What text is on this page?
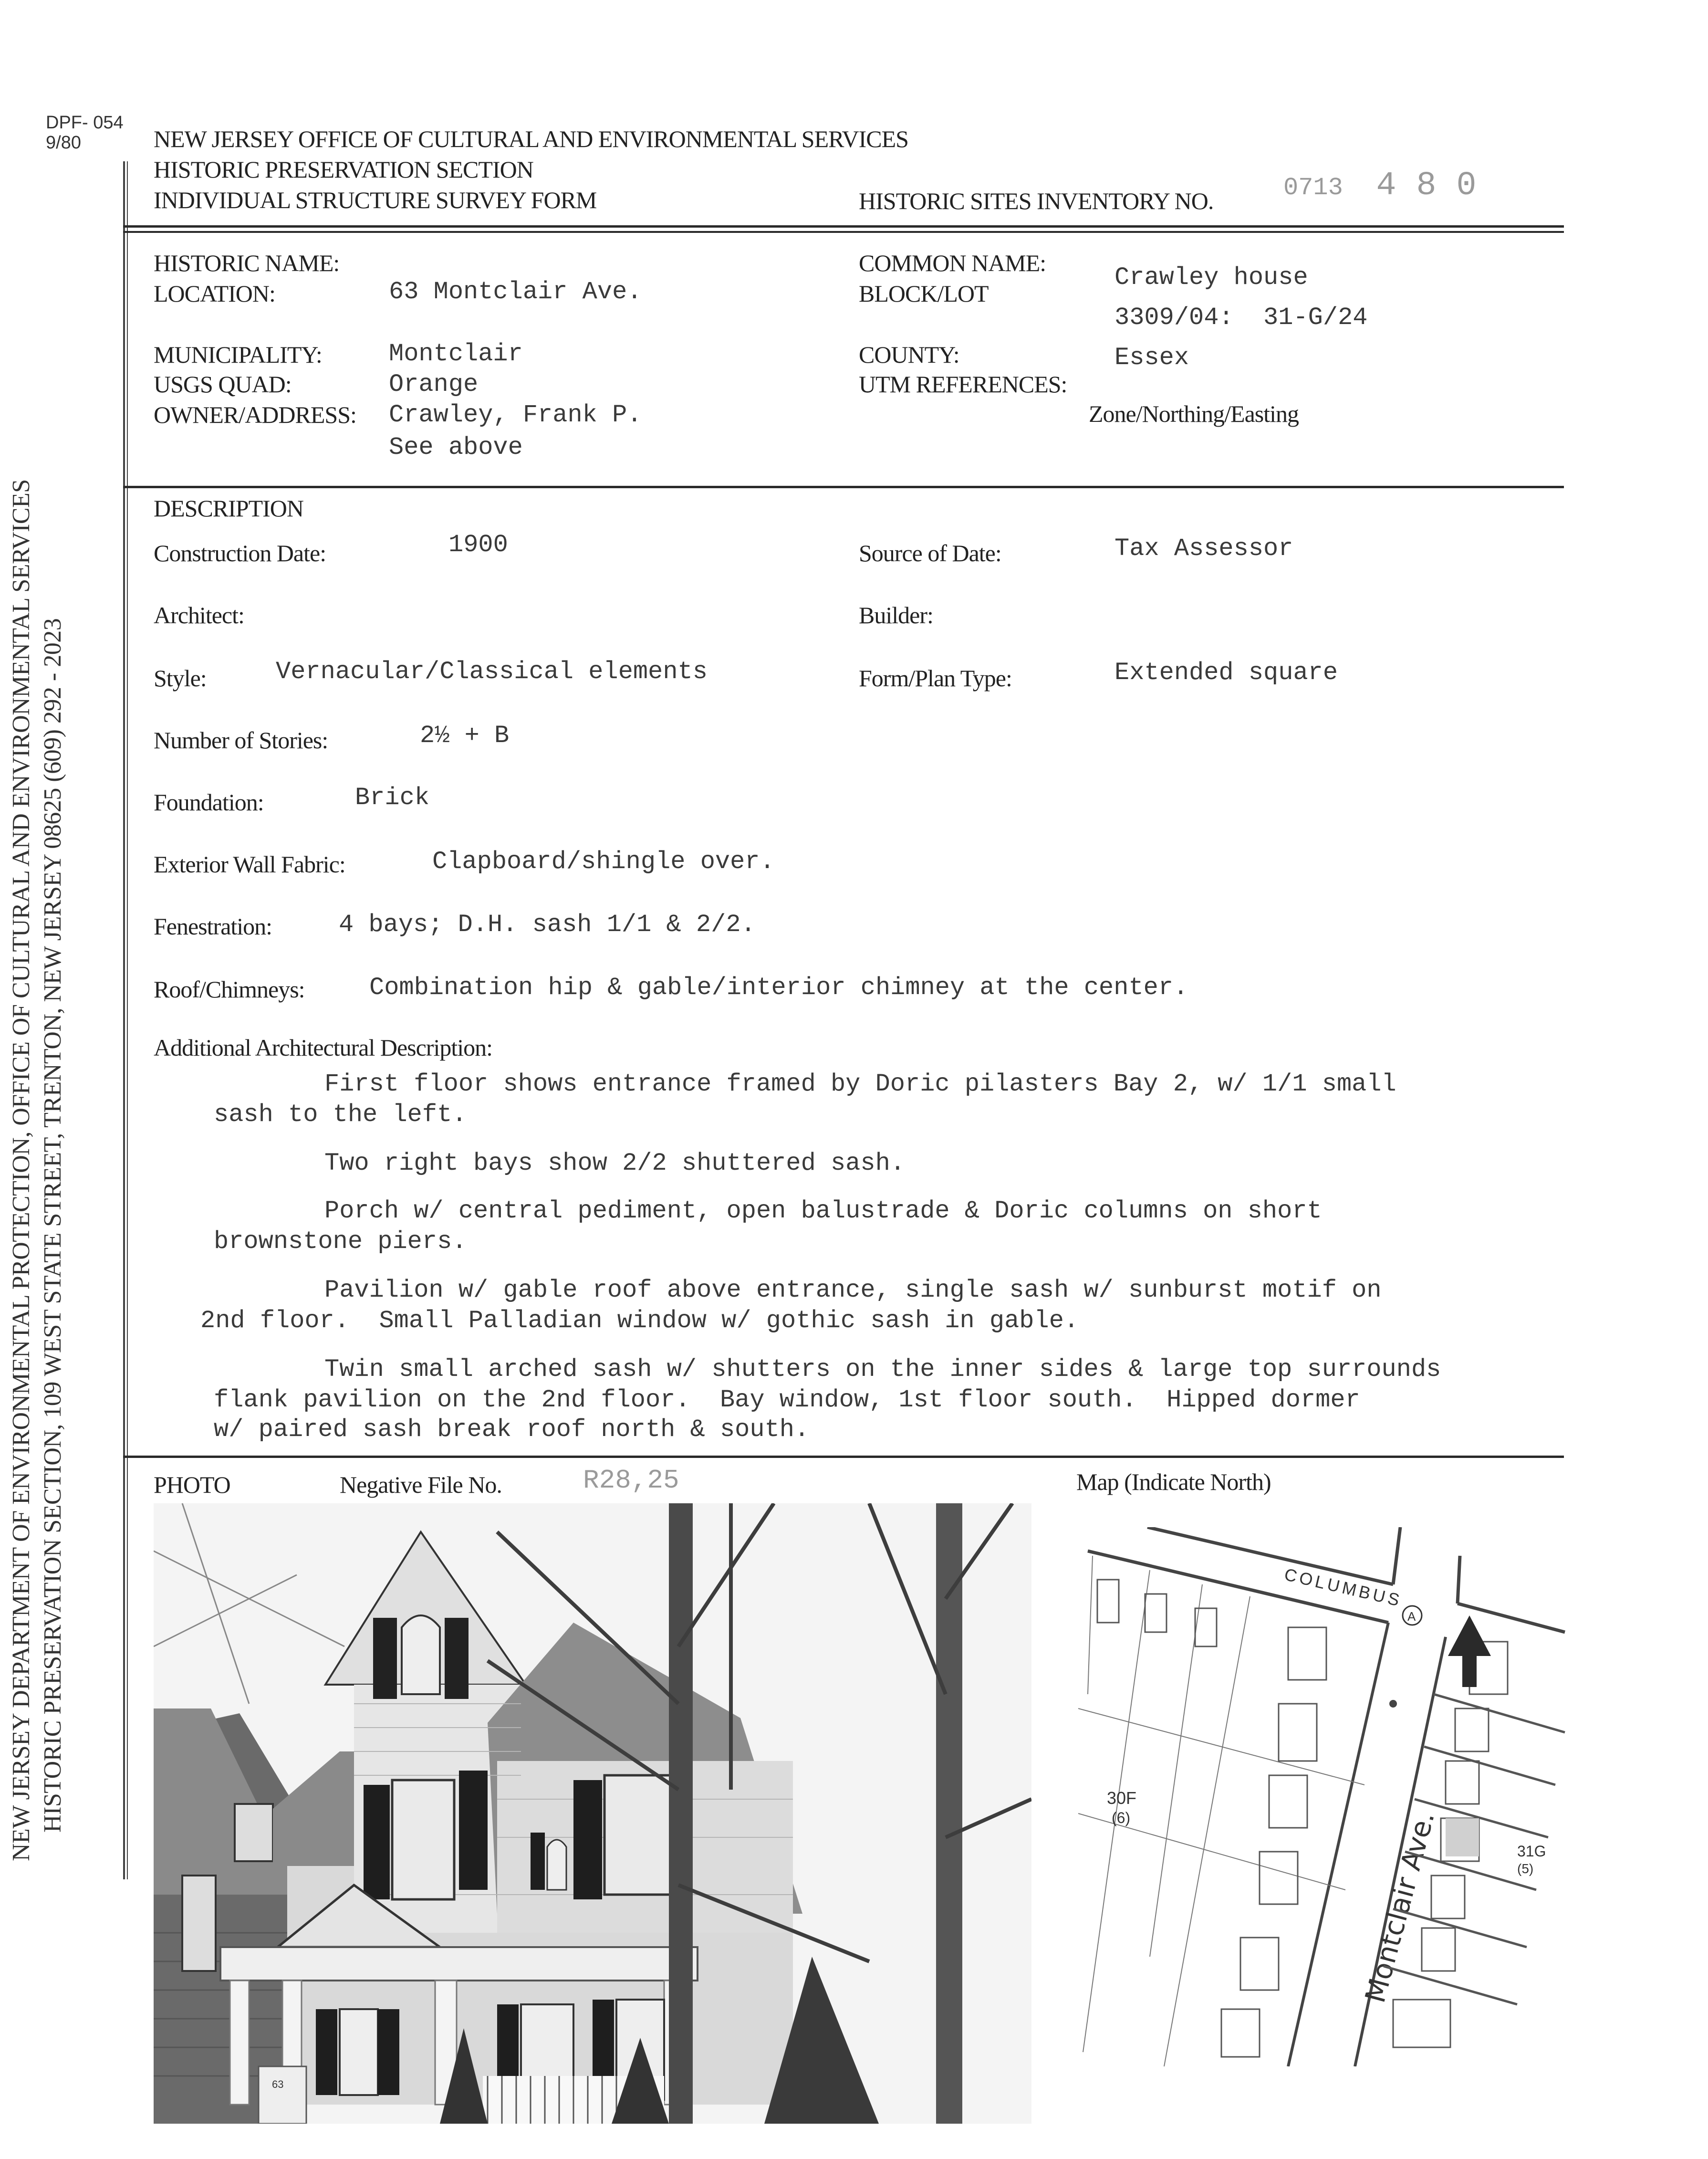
DPF- 054
9/80	NEW JERSEY OFFICE OF CULTURAL AND ENVIRONMENTAL SERVICES
HISTORIC PRESERVATION SECTION
INDIVIDUAL STRUCTURE SURVEY FORM	HISTORIC SITES INVENTORY NO.	0713 4 8 0
HISTORIC NAME:
LOCATION:	63 Montclair Ave.
MUNICIPALITY:	Montclair
USGS QUAD:	Orange
OWNER/ADDRESS: Crawley, Frank P.
See above
COMMON NAME:
Crawley house
BLOCK/LOT
3309/04:  31-G/24
COUNTY:	Essex
UTM REFERENCES:
Zone/Northing/Easting
DESCRIPTION
Construction Date:	1900	Source of Date:	Tax Assessor
Architect:	Builder:
Style:	Vernacular/Classical elements	Form/Plan Type:	Extended square
Number of Stories:	2½ + B
Foundation:	Brick
Exterior Wall Fabric:	Clapboard/shingle over.
Fenestration:	4 bays; D.H. sash 1/1 & 2/2.
Roof/Chimneys:	Combination hip & gable/interior chimney at the center.
Additional Architectural Description:
First floor shows entrance framed by Doric pilasters Bay 2, w/ 1/1 small
sash to the left.
Two right bays show 2/2 shuttered sash.
Porch w/ central pediment, open balustrade & Doric columns on short
brownstone piers.
Pavilion w/ gable roof above entrance, single sash w/ sunburst motif on
2nd floor.  Small Palladian window w/ gothic sash in gable.
Twin small arched sash w/ shutters on the inner sides & large top surrounds
flank pavilion on the 2nd floor.  Bay window, 1st floor south.  Hipped dormer
w/ paired sash break roof north & south.
PHOTO	Negative File No.	R28,25	Map (Indicate North)
63
COLUMBUS
Montclair Ave.
30F
(6)
31G
(5)
A
NEW JERSEY DEPARTMENT OF ENVIRONMENTAL PROTECTION, OFFICE OF CULTURAL AND ENVIRONMENTAL SERVICES HISTORIC PRESERVATION SECTION, 109 WEST STATE STREET, TRENTON, NEW JERSEY 08625 (609) 292 - 2023
